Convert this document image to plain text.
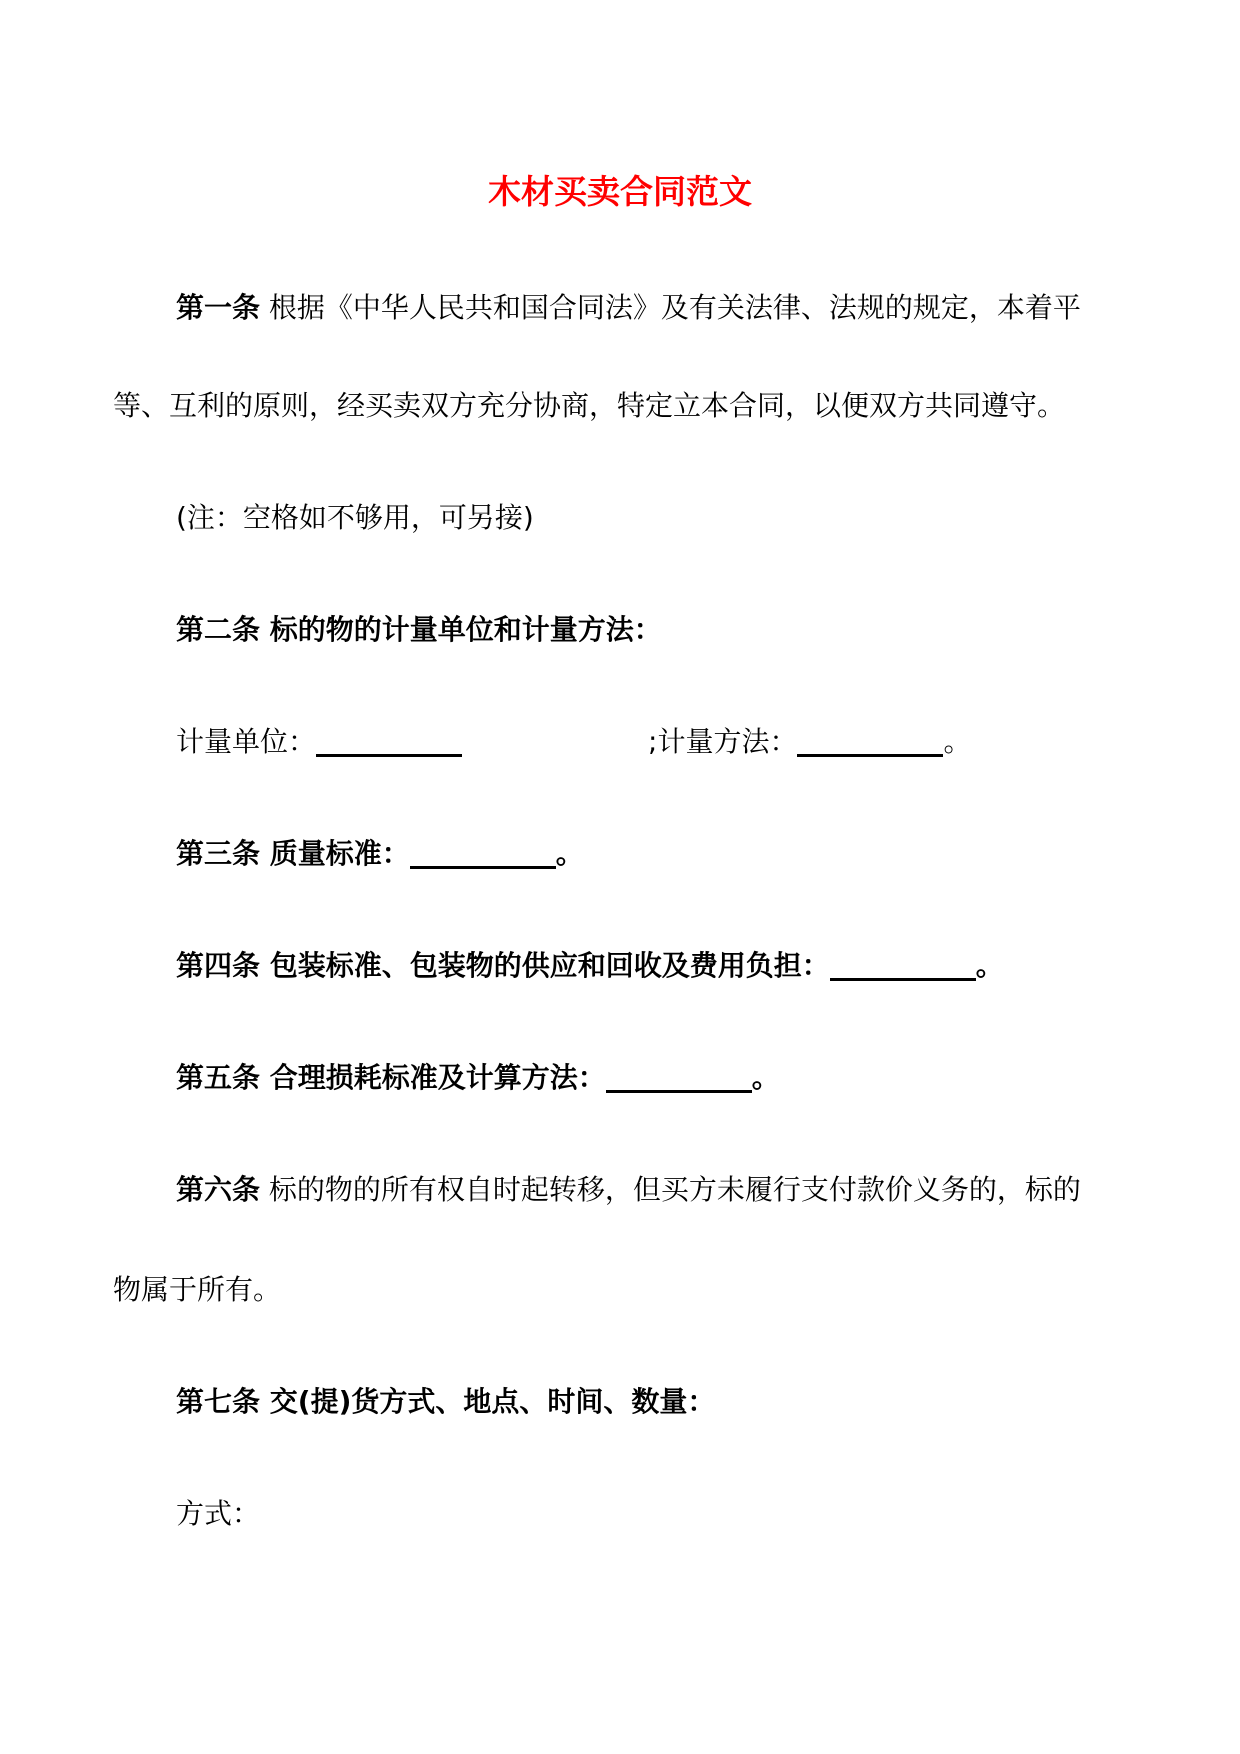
木材买卖合同范文
第一条 根据《中华人民共和国合同法》及有关法律、法规的规定，本着平
等、互利的原则，经买卖双方充分协商，特定立本合同，以便双方共同遵守。
(注：空格如不够用，可另接)
第二条 标的物的计量单位和计量方法：
计量单位：	;计量方法：	。
第三条 质量标准：	。
第四条 包装标准、包装物的供应和回收及费用负担：	。
第五条 合理损耗标准及计算方法：	。
第六条 标的物的所有权自时起转移，但买方未履行支付款价义务的，标的
物属于所有。
第七条 交(提)货方式、地点、时间、数量：
方式：
